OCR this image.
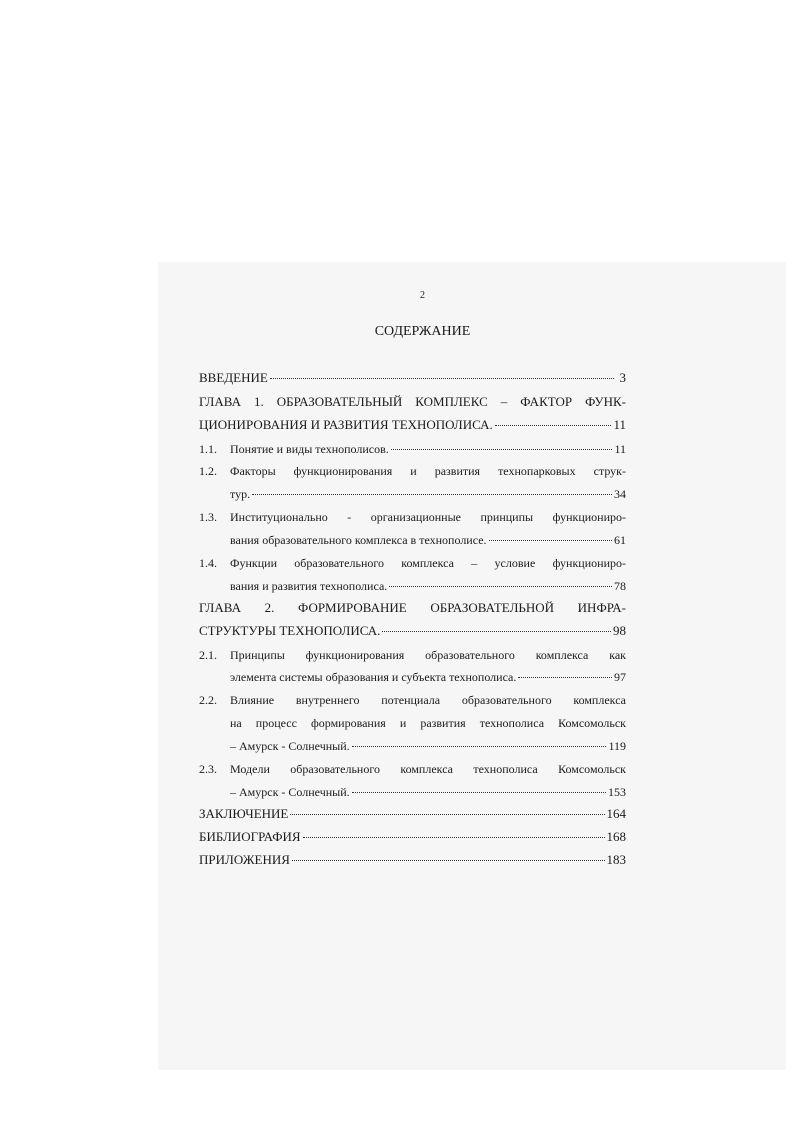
2
СОДЕРЖАНИЕ
ВВЕДЕНИЕ	3
ГЛАВА 1. ОБРАЗОВАТЕЛЬНЫЙ КОМПЛЕКС – ФАКТОР ФУНК-
ЦИОНИРОВАНИЯ И РАЗВИТИЯ ТЕХНОПОЛИСА.	11
1.1.	Понятие и виды технополисов.	11
1.2.	Факторы функционирования и развития технопарковых струк-
тур.	34
1.3.	Институционально - организационные принципы функциониро-
вания образовательного комплекса в технополисе.	61
1.4.	Функции образовательного комплекса – условие функциониро-
вания и развития технополиса.	78
ГЛАВА 2. ФОРМИРОВАНИЕ ОБРАЗОВАТЕЛЬНОЙ ИНФРА-
СТРУКТУРЫ ТЕХНОПОЛИСА.	98
2.1.	Принципы функционирования образовательного комплекса как
элемента системы образования и субъекта технополиса.	97
2.2.	Влияние внутреннего потенциала образовательного комплекса
на процесс формирования и развития технополиса Комсомольск
– Амурск - Солнечный.	119
2.3.	Модели образовательного комплекса технополиса Комсомольск
– Амурск - Солнечный.	153
ЗАКЛЮЧЕНИЕ	164
БИБЛИОГРАФИЯ	168
ПРИЛОЖЕНИЯ	183
